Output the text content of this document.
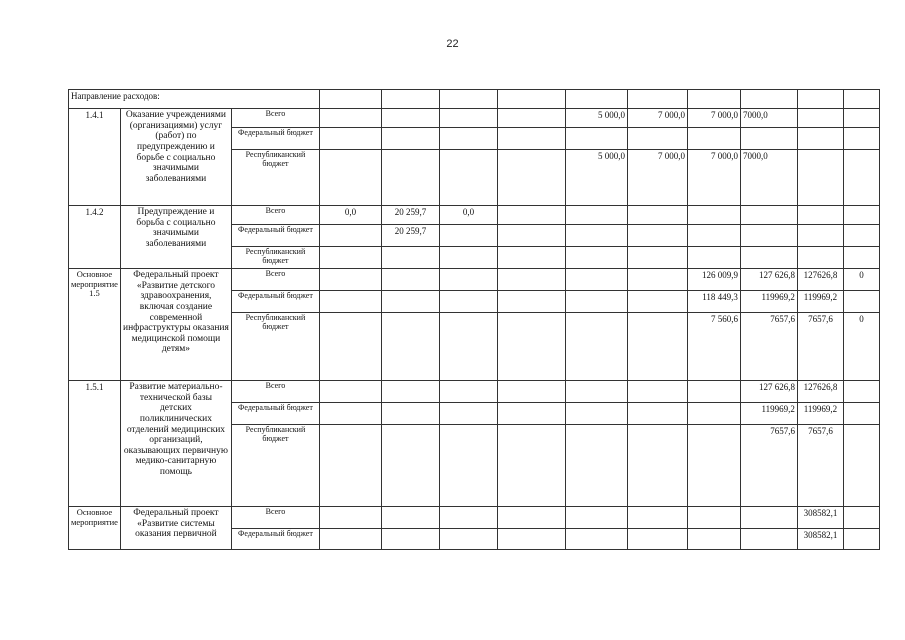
22
Направление расходов:												
1.4.1	Оказание учреждениями (организациями) услуг (работ) по предупреждению и борьбе с социально значимыми заболеваниями	Всего					5 000,0	7 000,0	7 000,0	7000,0		
		Федеральный бюджет										
		Республиканский бюджет					5 000,0	7 000,0	7 000,0	7000,0		
1.4.2	Предупреждение и борьба с социально значимыми заболеваниями	Всего	0,0	20 259,7	0,0							
		Федеральный бюджет		20 259,7								
		Республиканский бюджет										
Основное мероприятие 1.5	Федеральный проект «Развитие детского здравоохранения, включая создание современной инфраструктуры оказания медицинской помощи детям»	Всего							126 009,9	127 626,8	127626,8	0
		Федеральный бюджет							118 449,3	119969,2	119969,2	
		Республиканский бюджет							7 560,6	7657,6	7657,6	0
1.5.1	Развитие материально-технической базы детских поликлинических отделений медицинских организаций, оказывающих первичную медико-санитарную помощь	Всего								127 626,8	127626,8	
		Федеральный бюджет								119969,2	119969,2	
		Республиканский бюджет								7657,6	7657,6	
Основное мероприятие	Федеральный проект «Развитие системы оказания первичной	Всего									308582,1	
		Федеральный бюджет									308582,1	
